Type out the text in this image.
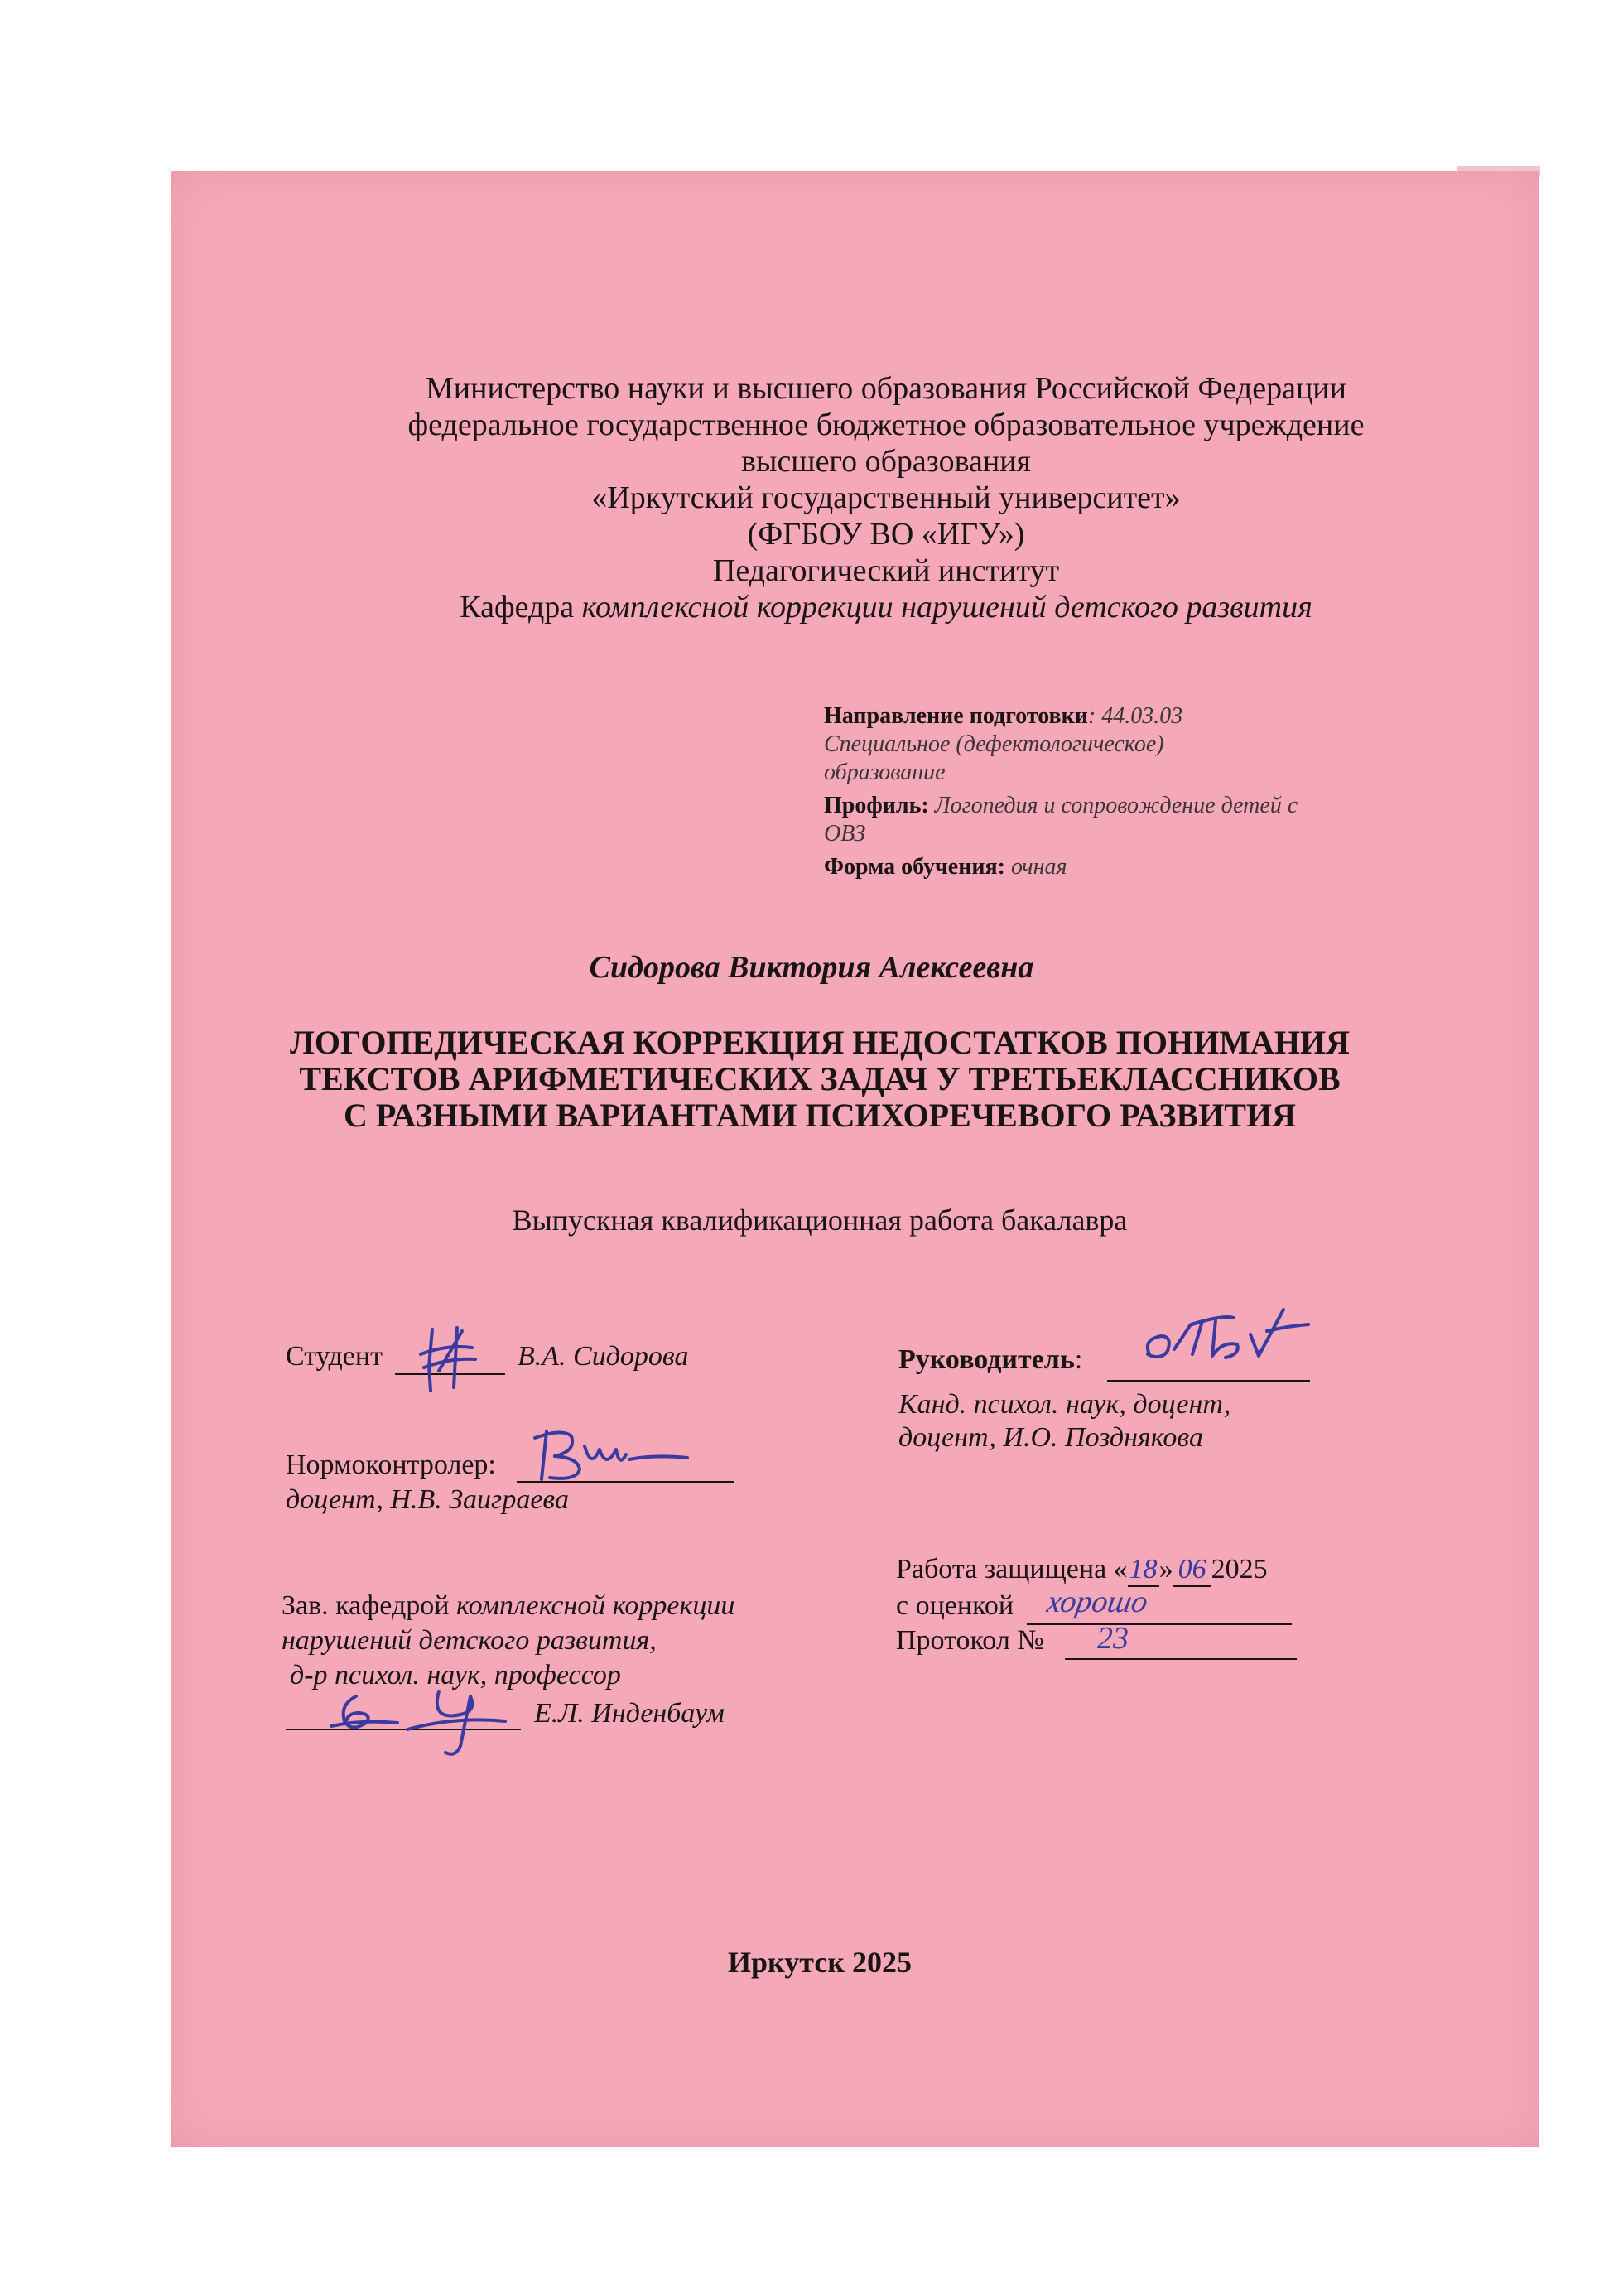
Министерство науки и высшего образования Российской Федерации
федеральное государственное бюджетное образовательное учреждение
высшего образования
«Иркутский государственный университет»
(ФГБОУ ВО «ИГУ»)
Педагогический институт
Кафедра комплексной коррекции нарушений детского развития
Направление подготовки: 44.03.03
Специальное (дефектологическое)
образование
Профиль: Логопедия и сопровождение детей с
ОВЗ
Форма обучения: очная
Сидорова Виктория Алексеевна
ЛОГОПЕДИЧЕСКАЯ КОРРЕКЦИЯ НЕДОСТАТКОВ ПОНИМАНИЯ
ТЕКСТОВ АРИФМЕТИЧЕСКИХ ЗАДАЧ У ТРЕТЬЕКЛАССНИКОВ
С РАЗНЫМИ ВАРИАНТАМИ ПСИХОРЕЧЕВОГО РАЗВИТИЯ
Выпускная квалификационная работа бакалавра
Студент	В.А. Сидорова	Руководитель:
Канд. психол. наук, доцент,
доцент, И.О. Позднякова
Нормоконтролер:
доцент, Н.В. Заиграева
Зав. кафедрой комплексной коррекции
нарушений детского развития,
д-р психол. наук, профессор
Е.Л. Инденбаум
Работа защищена «18» 06 2025
с оценкой хорошо
Протокол № 23
Иркутск 2025
